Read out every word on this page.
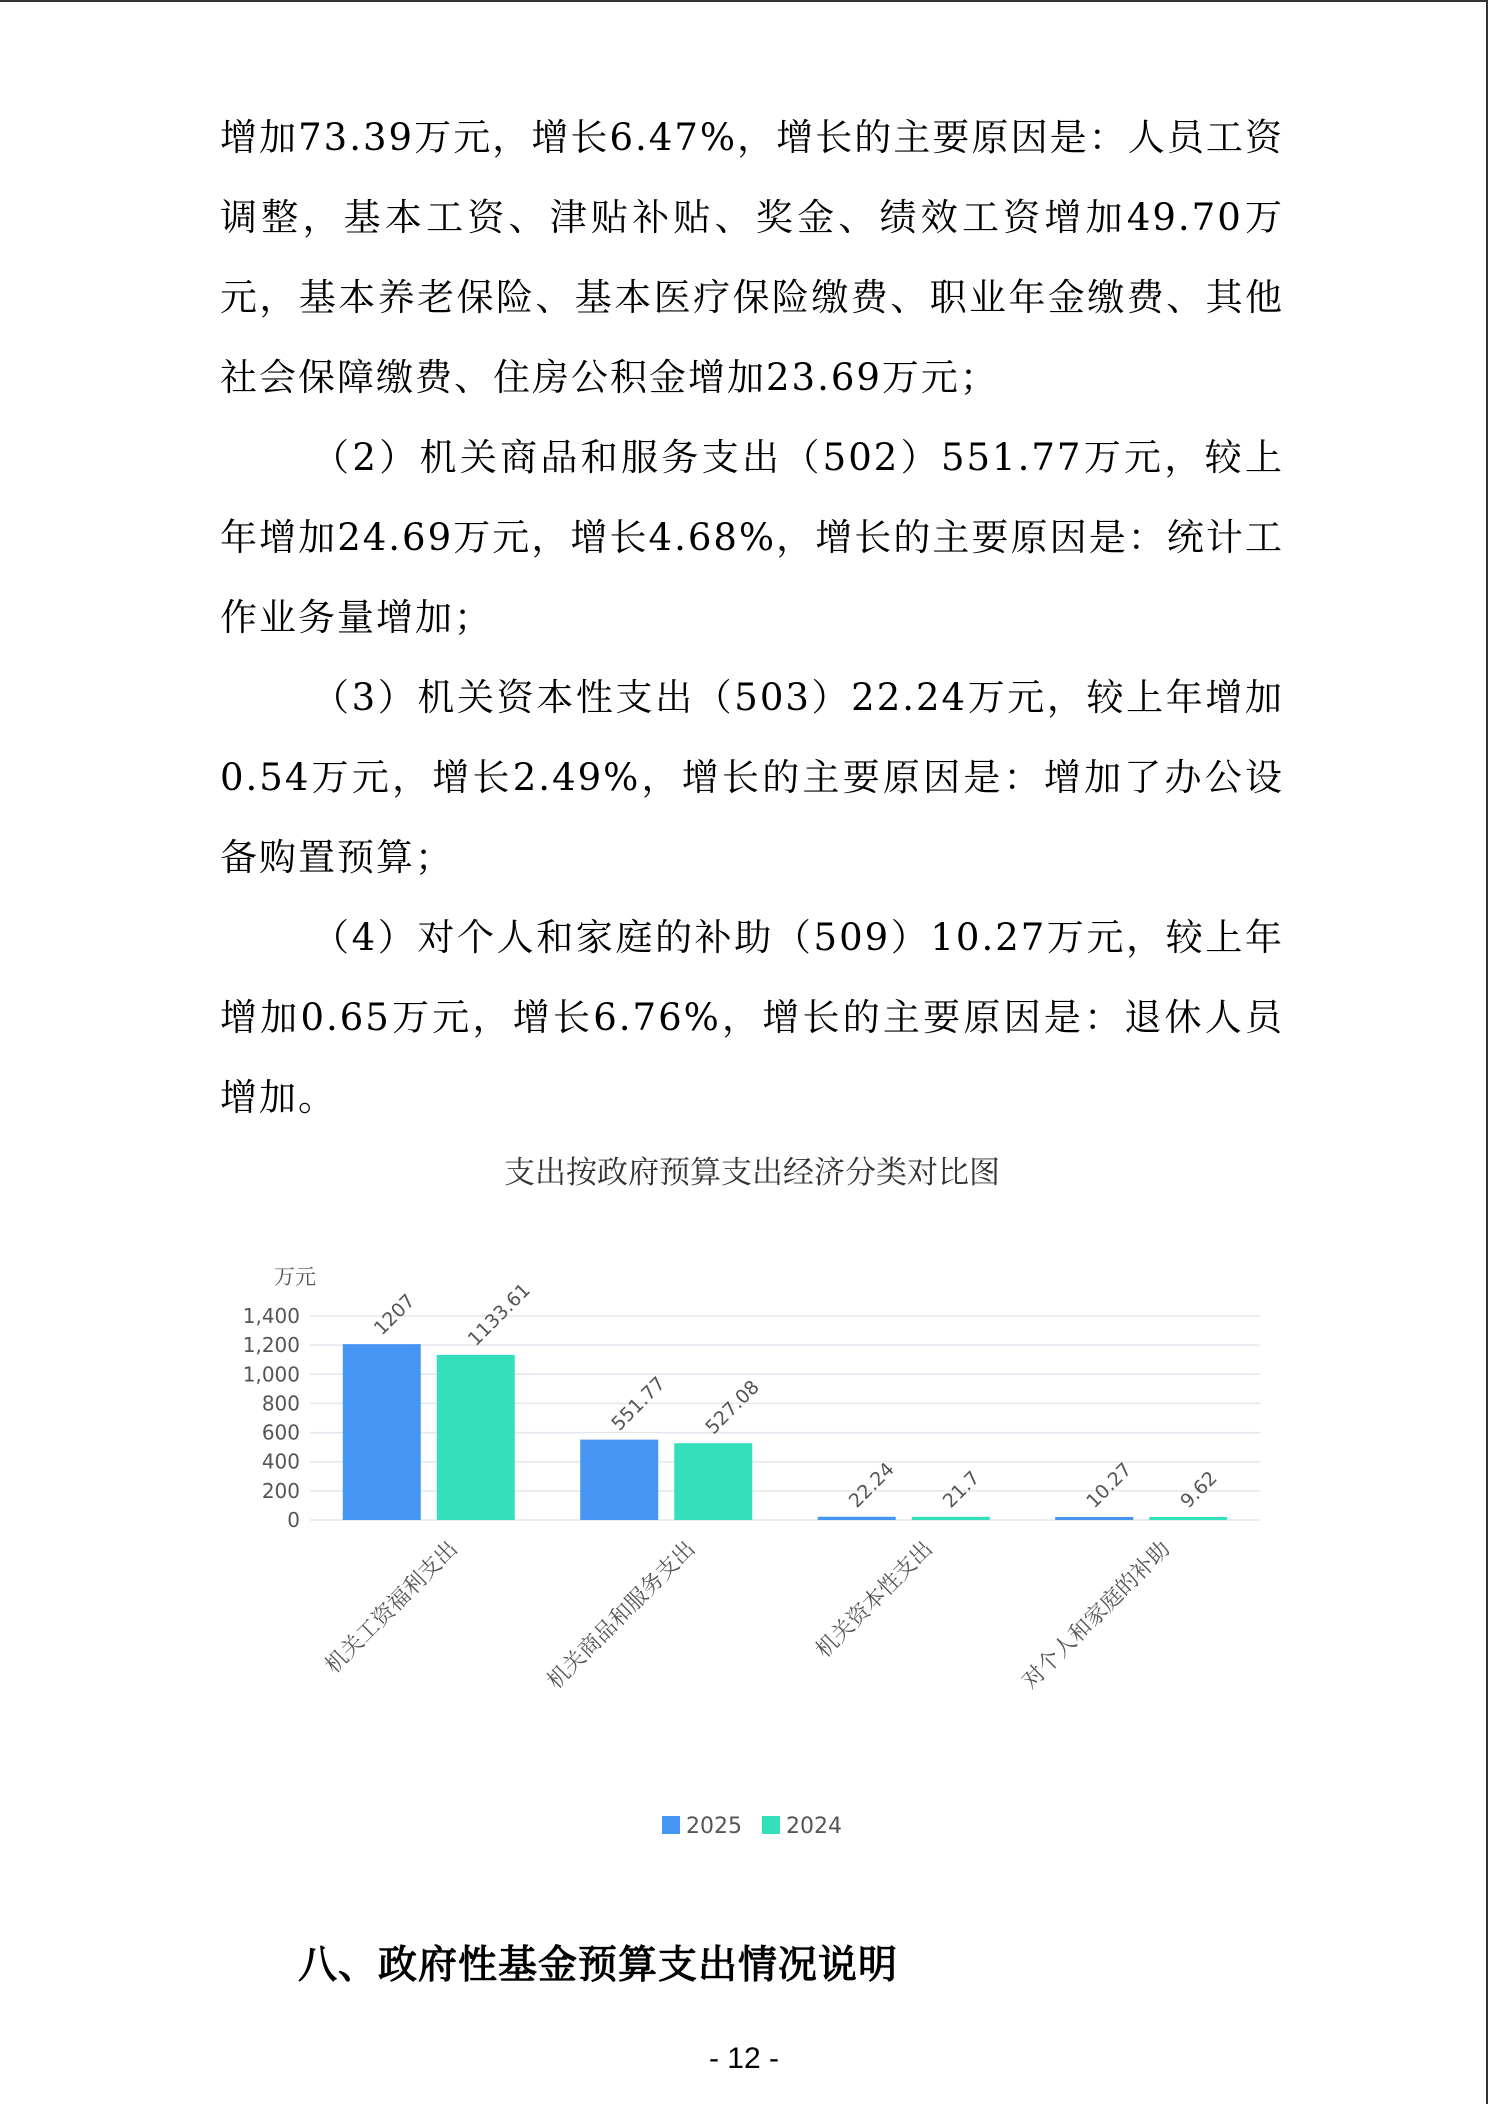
增加73.39万元，增长6.47%，增长的主要原因是：人员工资调整，基本工资、津贴补贴、奖金、绩效工资增加49.70万元，基本养老保险、基本医疗保险缴费、职业年金缴费、其他社会保障缴费、住房公积金增加23.69万元；

（2）机关商品和服务支出（502）551.77万元，较上年增加24.69万元，增长4.68%，增长的主要原因是：统计工作业务量增加；

（3）机关资本性支出（503）22.24万元，较上年增加0.54万元，增长2.49%，增长的主要原因是：增加了办公设备购置预算；

（4）对个人和家庭的补助（509）10.27万元，较上年增加0.65万元，增长6.76%，增长的主要原因是：退休人员增加。

支出按政府预算支出经济分类对比图
万元
0
200
400
600
800
1,000
1,200
1,400	1207 1133.61
机关工资福利支出
551.77 527.08
机关商品和服务支出
22.24 21.7
机关资本性支出
10.27 9.62
对个人和家庭的补助
2025 2024
八、政府性基金预算支出情况说明
- 12 -
